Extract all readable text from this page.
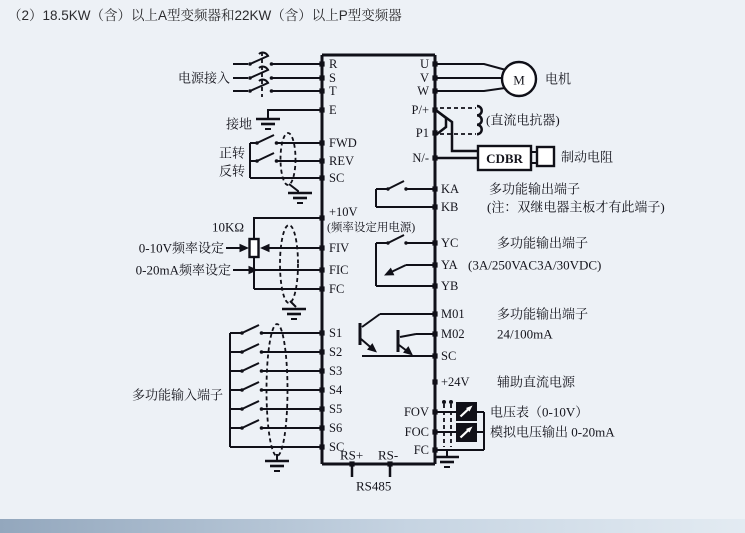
（2）18.5KW（含）以上A型变频器和22KW（含）以上P型变频器
电源接入
接地
正转
反转
10KΩ
0-10V频率设定
0-20mA频率设定
多功能输入端子
RS+ RS-
RS485
M 电机
(直流电抗器)
CDBR	制动电阻
R
S
T
E
FWD
REV
SC
+10V
(频率设定用电源)
FIV
FIC
FC
S1
S2
S3
S4
S5
S6
SC
U
V
W
P/+
P1
N/-
FOV
FOC
FC
KA 多功能输出端子
KB (注：双继电器主板才有此端子)
YC	多功能输出端子
YA (3A/250VAC3A/30VDC)
YB
M01 多功能输出端子
M02 24/100mA
SC
+24V 辅助直流电源
电压表（0-10V）
模拟电压输出 0-20mA
